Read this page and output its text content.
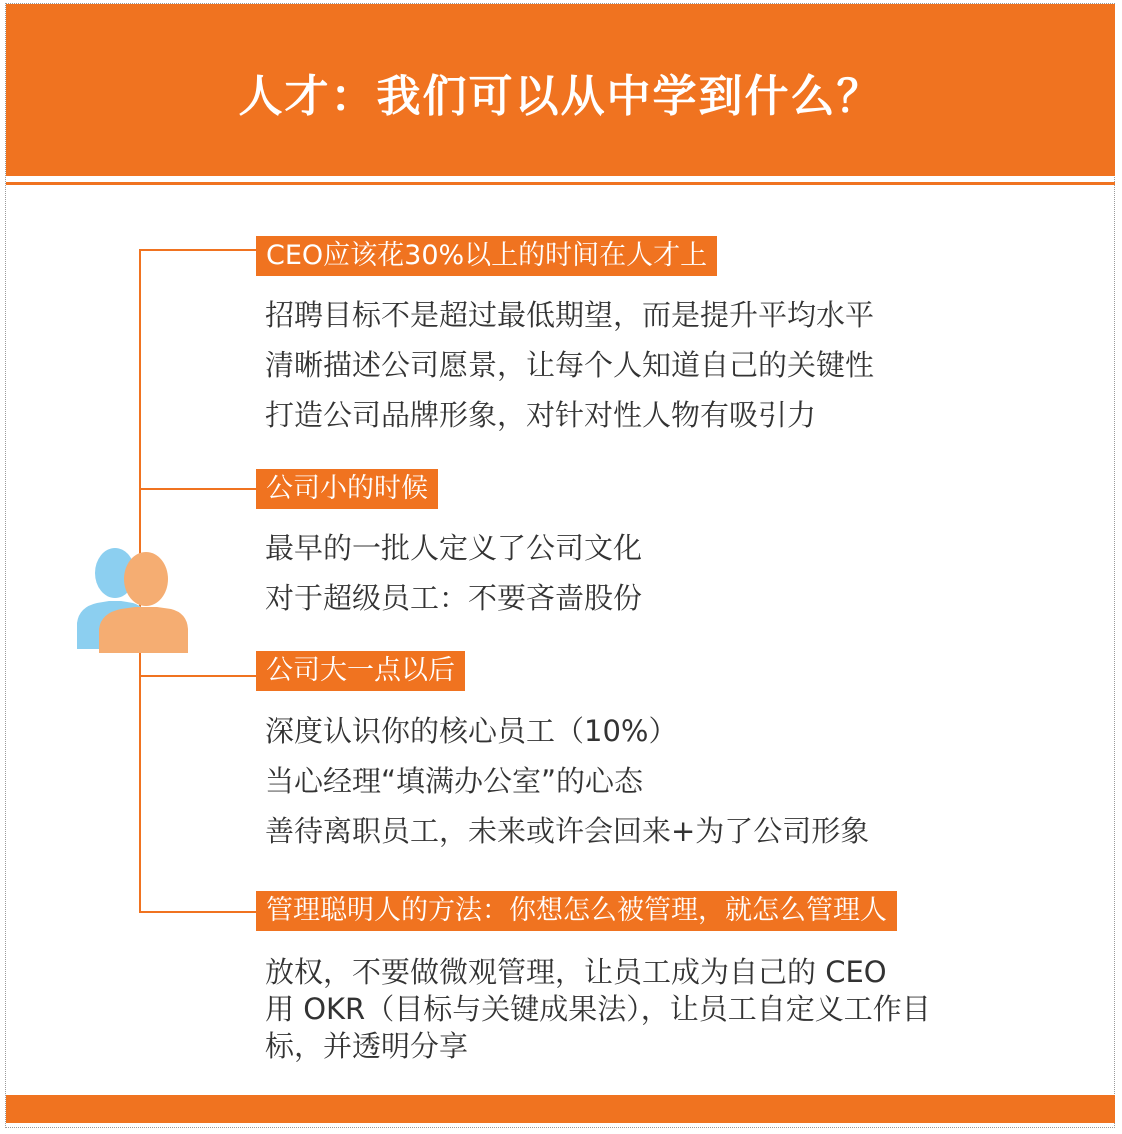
人才：我们可以从中学到什么？
CEO应该花30%以上的时间在人才上
招聘目标不是超过最低期望，而是提升平均水平
清晰描述公司愿景，让每个人知道自己的关键性
打造公司品牌形象，对针对性人物有吸引力
公司小的时候
最早的一批人定义了公司文化
对于超级员工：不要吝啬股份
公司大一点以后
深度认识你的核心员工（10%）
当心经理“填满办公室”的心态
善待离职员工，未来或许会回来+为了公司形象
管理聪明人的方法：你想怎么被管理，就怎么管理人
放权，不要做微观管理，让员工成为自己的 CEO
用 OKR（目标与关键成果法），让员工自定义工作目标，并透明分享
